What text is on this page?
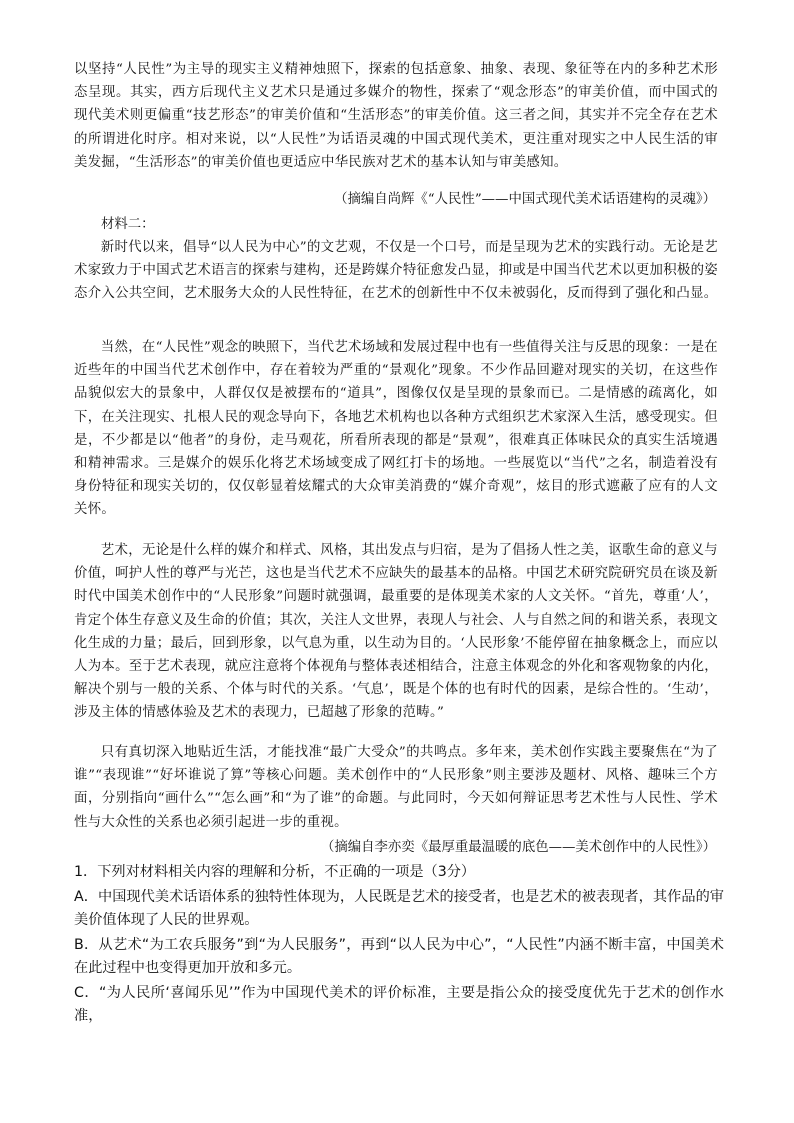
以坚持“人民性”为主导的现实主义精神烛照下，探索的包括意象、抽象、表现、象征等在内的多种艺术形态呈现。其实，西方后现代主义艺术只是通过多媒介的物性，探索了“观念形态”的审美价值，而中国式的现代美术则更偏重“技艺形态”的审美价值和“生活形态”的审美价值。这三者之间，其实并不完全存在艺术的所谓进化时序。相对来说，以“人民性”为话语灵魂的中国式现代美术，更注重对现实之中人民生活的审美发掘，“生活形态”的审美价值也更适应中华民族对艺术的基本认知与审美感知。

（摘编自尚辉《“人民性”——中国式现代美术话语建构的灵魂》）

材料二：

新时代以来，倡导“以人民为中心”的文艺观，不仅是一个口号，而是呈现为艺术的实践行动。无论是艺术家致力于中国式艺术语言的探索与建构，还是跨媒介特征愈发凸显，抑或是中国当代艺术以更加积极的姿态介入公共空间，艺术服务大众的人民性特征，在艺术的创新性中不仅未被弱化，反而得到了强化和凸显。

当然，在“人民性”观念的映照下，当代艺术场域和发展过程中也有一些值得关注与反思的现象：一是在近些年的中国当代艺术创作中，存在着较为严重的“景观化”现象。不少作品回避对现实的关切，在这些作品貌似宏大的景象中，人群仅仅是被摆布的“道具”，图像仅仅是呈现的景象而已。二是情感的疏离化，如下，在关注现实、扎根人民的观念导向下，各地艺术机构也以各种方式组织艺术家深入生活，感受现实。但是，不少都是以“他者”的身份，走马观花，所看所表现的都是“景观”，很难真正体味民众的真实生活境遇和精神需求。三是媒介的娱乐化将艺术场域变成了网红打卡的场地。一些展览以“当代”之名，制造着没有身份特征和现实关切的，仅仅彰显着炫耀式的大众审美消费的“媒介奇观”，炫目的形式遮蔽了应有的人文关怀。

艺术，无论是什么样的媒介和样式、风格，其出发点与归宿，是为了倡扬人性之美，讴歌生命的意义与价值，呵护人性的尊严与光芒，这也是当代艺术不应缺失的最基本的品格。中国艺术研究院研究员在谈及新时代中国美术创作中的“人民形象”问题时就强调，最重要的是体现美术家的人文关怀。“首先，尊重‘人’，肯定个体生存意义及生命的价值；其次，关注人文世界，表现人与社会、人与自然之间的和谐关系，表现文化生成的力量；最后，回到形象，以气息为重，以生动为目的。‘人民形象’不能停留在抽象概念上，而应以人为本。至于艺术表现，就应注意将个体视角与整体表述相结合，注意主体观念的外化和客观物象的内化，解决个别与一般的关系、个体与时代的关系。‘气息’，既是个体的也有时代的因素，是综合性的。‘生动’，涉及主体的情感体验及艺术的表现力，已超越了形象的范畴。”

只有真切深入地贴近生活，才能找准“最广大受众”的共鸣点。多年来，美术创作实践主要聚焦在“为了谁”“表现谁”“好坏谁说了算”等核心问题。美术创作中的“人民形象”则主要涉及题材、风格、趣味三个方面，分别指向“画什么”“怎么画”和“为了谁”的命题。与此同时，今天如何辩证思考艺术性与人民性、学术性与大众性的关系也必须引起进一步的重视。

（摘编自李亦奕《最厚重最温暖的底色——美术创作中的人民性》）

1．下列对材料相关内容的理解和分析，不正确的一项是（3分）

A．中国现代美术话语体系的独特性体现为，人民既是艺术的接受者，也是艺术的被表现者，其作品的审美价值体现了人民的世界观。

B．从艺术“为工农兵服务”到“为人民服务”，再到“以人民为中心”，“人民性”内涵不断丰富，中国美术在此过程中也变得更加开放和多元。

C．“为人民所‘喜闻乐见’”作为中国现代美术的评价标准，主要是指公众的接受度优先于艺术的创作水准，
